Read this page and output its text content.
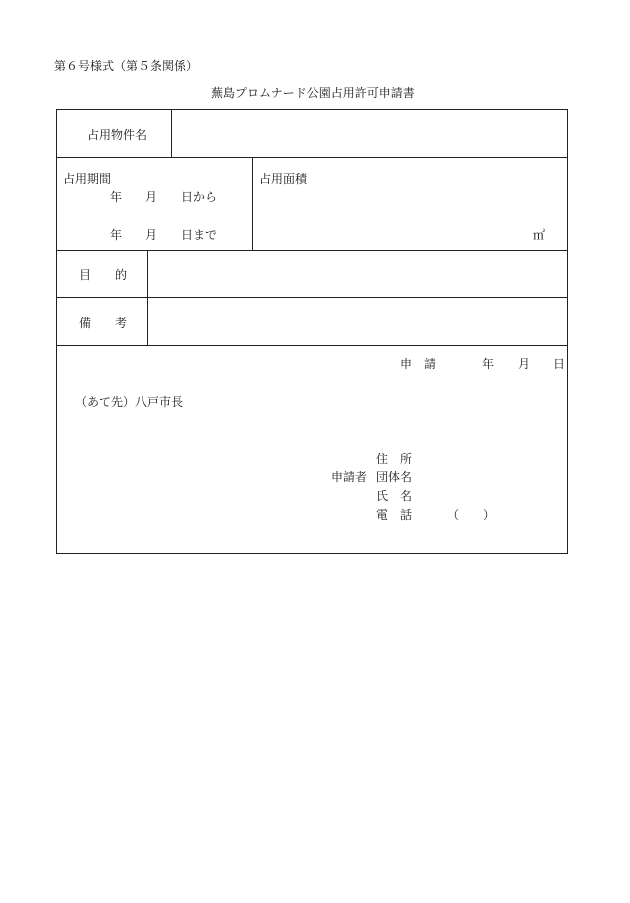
第６号様式（第５条関係）
蕪島プロムナード公園占用許可申請書
占用物件名
占用期間
年 月 日から
年 月 日まで
占用面積
㎡
目　　的
備　　考
申　請	年 月 日
（あて先）八戸市長
住　所
申請者 団体名
氏　名
電　話	（　　）
